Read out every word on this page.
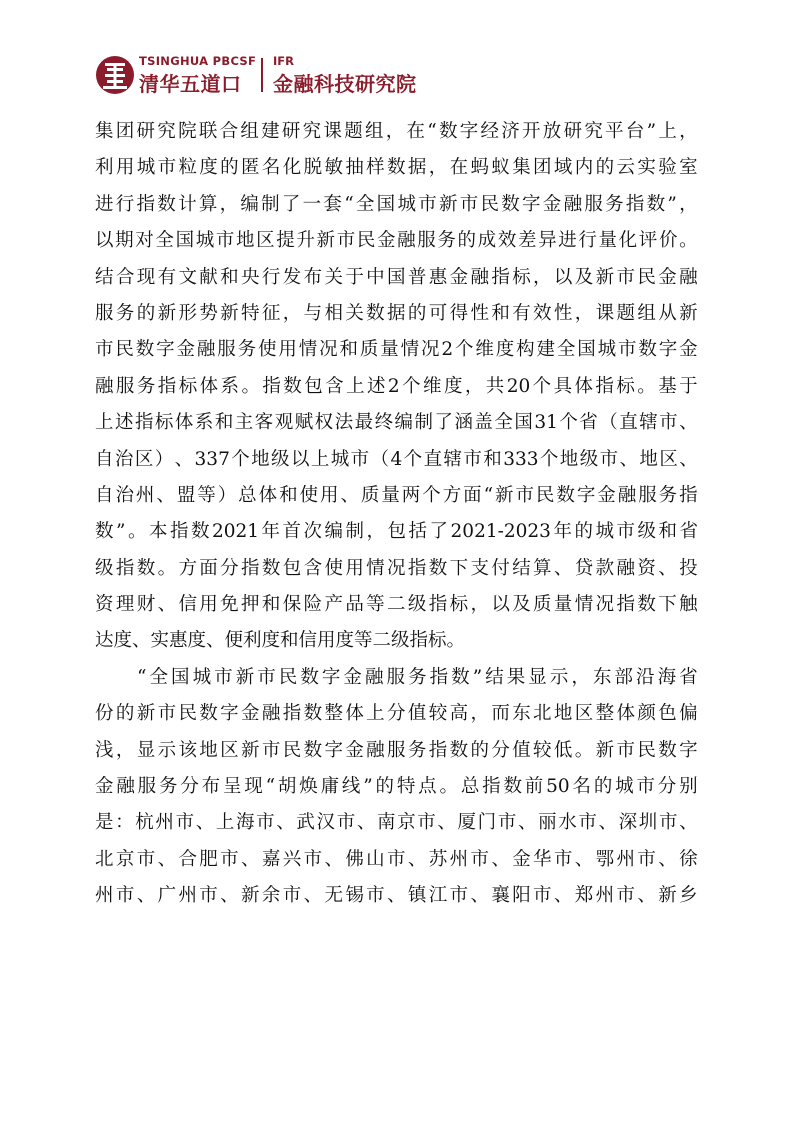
TSINGHUA PBCSF
清华五道口
IFR
金融科技研究院
集 团 研 究 院 联 合 组 建 研 究 课 题 组 ， 在 “ 数 字 经 济 开 放 研 究 平 台 ” 上 ，
利 用 城 市 粒 度 的 匿 名 化 脱 敏 抽 样 数 据 ， 在 蚂 蚁 集 团 域 内 的 云 实 验 室
进 行 指 数 计 算 ， 编 制 了 一 套 “ 全 国 城 市 新 市 民 数 字 金 融 服 务 指 数 ” ，
以 期 对 全 国 城 市 地 区 提 升 新 市 民 金 融 服 务 的 成 效 差 异 进 行 量 化 评 价 。
结 合 现 有 文 献 和 央 行 发 布 关 于 中 国 普 惠 金 融 指 标 ， 以 及 新 市 民 金 融
服 务 的 新 形 势 新 特 征 ， 与 相 关 数 据 的 可 得 性 和 有 效 性 ， 课 题 组 从 新
市 民 数 字 金 融 服 务 使 用 情 况 和 质 量 情 况 2 个 维 度 构 建 全 国 城 市 数 字 金
融 服 务 指 标 体 系 。 指 数 包 含 上 述 2 个 维 度 ， 共 20 个 具 体 指 标 。 基 于
上 述 指 标 体 系 和 主 客 观 赋 权 法 最 终 编 制 了 涵 盖 全 国 31 个 省 （ 直 辖 市 、
自 治 区 ） 、 337 个 地 级 以 上 城 市 （ 4 个 直 辖 市 和 333 个 地 级 市 、 地 区 、
自 治 州 、 盟 等 ） 总 体 和 使 用 、 质 量 两 个 方 面 “ 新 市 民 数 字 金 融 服 务 指
数 ” 。 本 指 数 2021 年 首 次 编 制 ， 包 括 了 2021-2023 年 的 城 市 级 和 省
级 指 数 。 方 面 分 指 数 包 含 使 用 情 况 指 数 下 支 付 结 算 、 贷 款 融 资 、 投
资 理 财 、 信 用 免 押 和 保 险 产 品 等 二 级 指 标 ， 以 及 质 量 情 况 指 数 下 触
达度、实惠度、便利度和信用度等二级指标。
“ 全 国 城 市 新 市 民 数 字 金 融 服 务 指 数 ” 结 果 显 示 ， 东 部 沿 海 省
份 的 新 市 民 数 字 金 融 指 数 整 体 上 分 值 较 高 ， 而 东 北 地 区 整 体 颜 色 偏
浅 ， 显 示 该 地 区 新 市 民 数 字 金 融 服 务 指 数 的 分 值 较 低 。 新 市 民 数 字
金 融 服 务 分 布 呈 现 “ 胡 焕 庸 线 ” 的 特 点 。 总 指 数 前 50 名 的 城 市 分 别
是 ： 杭 州 市 、 上 海 市 、 武 汉 市 、 南 京 市 、 厦 门 市 、 丽 水 市 、 深 圳 市 、
北 京 市 、 合 肥 市 、 嘉 兴 市 、 佛 山 市 、 苏 州 市 、 金 华 市 、 鄂 州 市 、 徐
州 市 、 广 州 市 、 新 余 市 、 无 锡 市 、 镇 江 市 、 襄 阳 市 、 郑 州 市 、 新 乡
